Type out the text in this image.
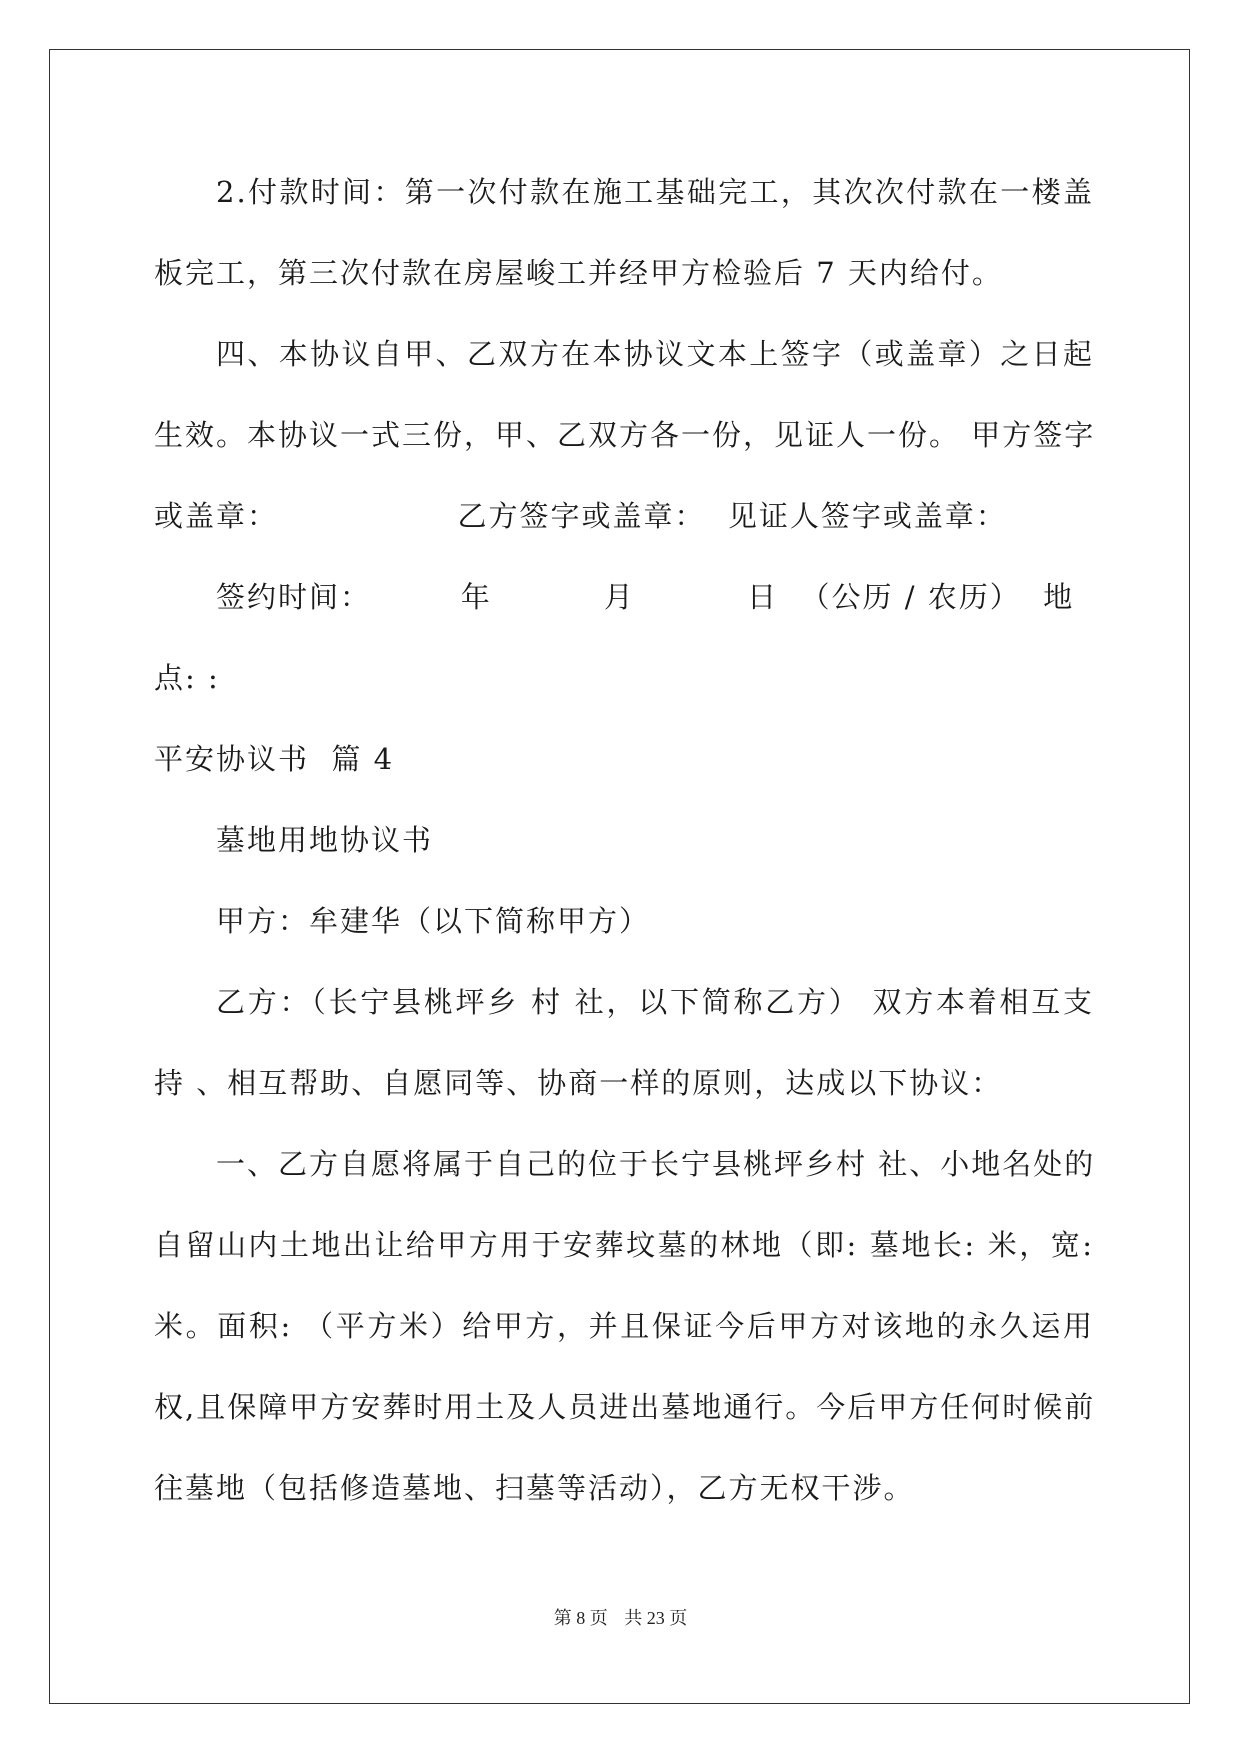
2.付款时间：第一次付款在施工基础完工，其次次付款在一楼盖
板完工，第三次付款在房屋峻工并经甲方检验后 7 天内给付。
四、本协议自甲、乙双方在本协议文本上签字（或盖章）之日起
生效。本协议一式三份，甲、乙双方各一份，见证人一份。 甲方签字
或盖章：                乙方签字或盖章：  见证人签字或盖章：
签约时间：        年          月          日  （公历 / 农历）  地
点: :
平安协议书  篇 4
墓地用地协议书
甲方：牟建华（以下简称甲方）
乙方：（长宁县桃坪乡 村 社，以下简称乙方） 双方本着相互支
持 、相互帮助、自愿同等、协商一样的原则，达成以下协议：
一、乙方自愿将属于自己的位于长宁县桃坪乡村 社、小地名处的
自留山内土地出让给甲方用于安葬坟墓的林地（即: 墓地长: 米，宽:
米。面积: （平方米）给甲方，并且保证今后甲方对该地的永久运用
权,且保障甲方安葬时用土及人员进出墓地通行。今后甲方任何时候前
往墓地（包括修造墓地、扫墓等活动），乙方无权干涉。
第 8 页 共 23 页
